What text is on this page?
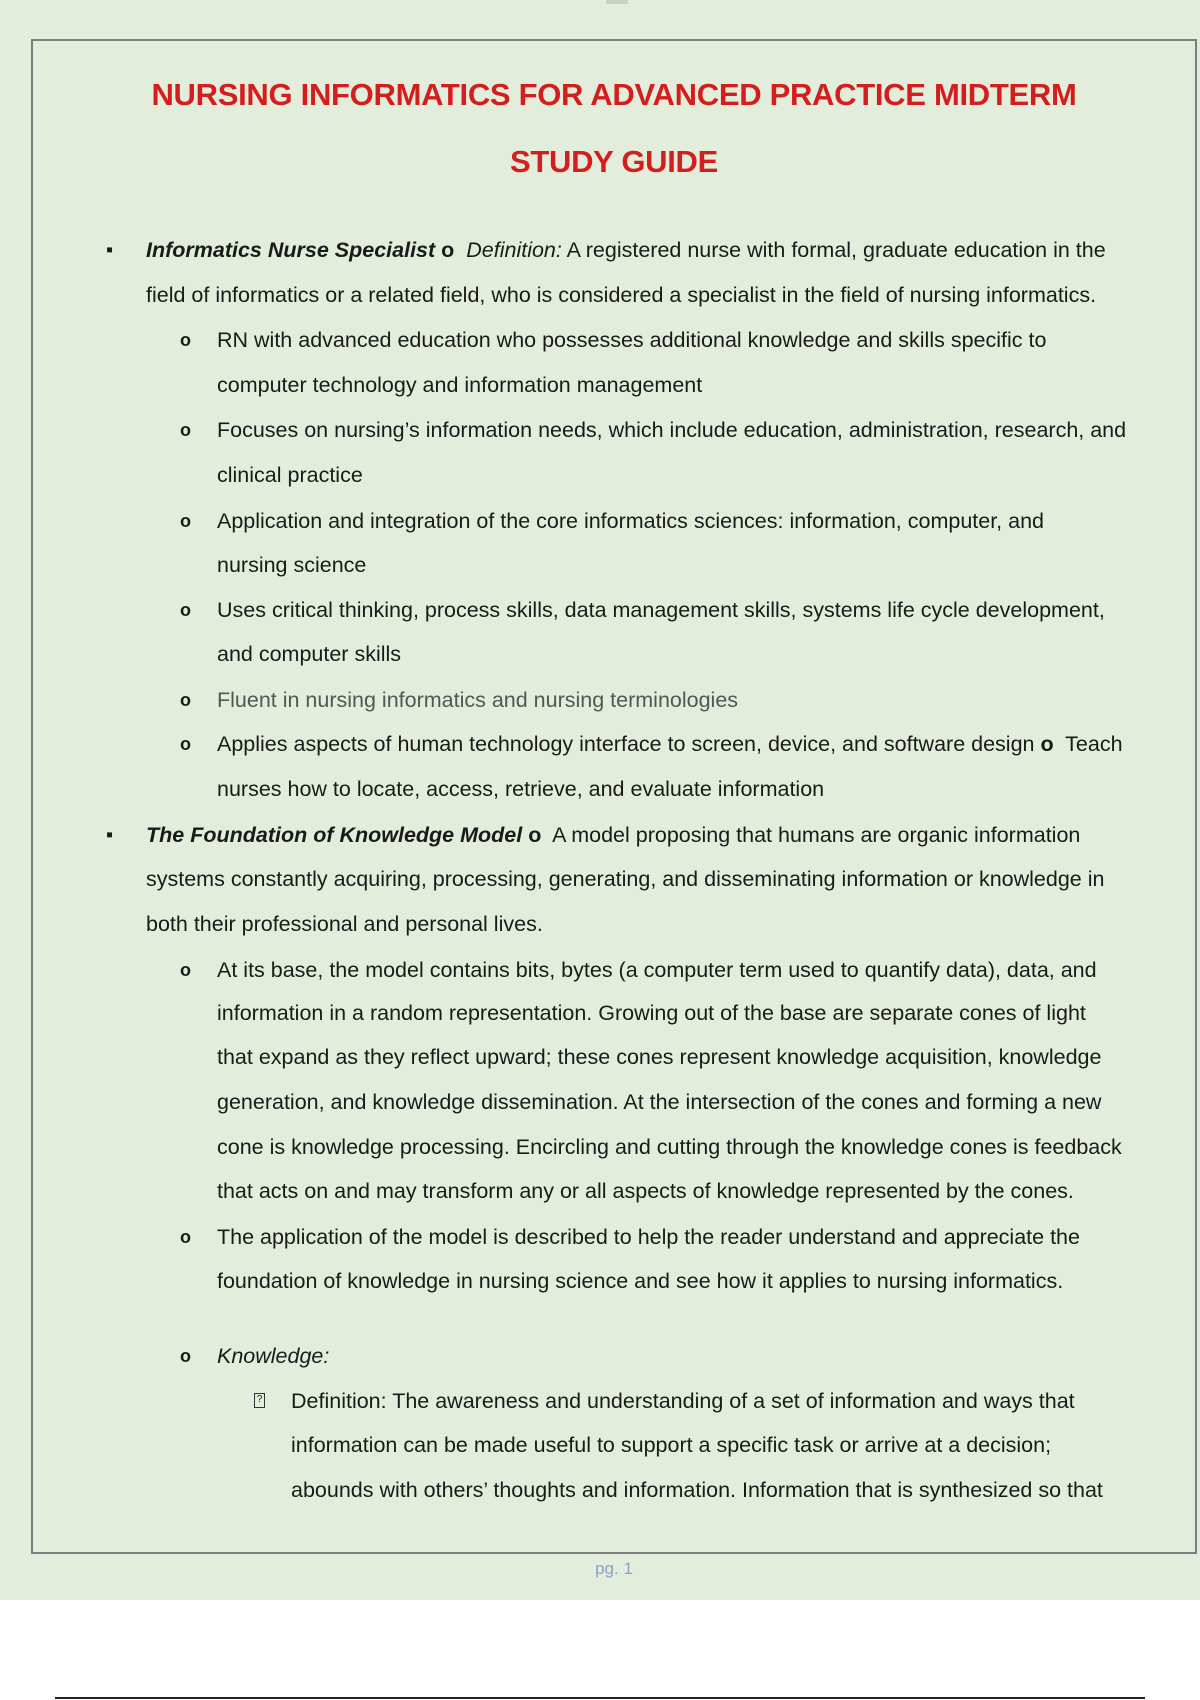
NURSING INFORMATICS FOR ADVANCED PRACTICE MIDTERM
STUDY GUIDE
▪ Informatics Nurse Specialist o Definition: A registered nurse with formal, graduate education in the
field of informatics or a related field, who is considered a specialist in the field of nursing informatics.
o RN with advanced education who possesses additional knowledge and skills specific to
computer technology and information management
o Focuses on nursing’s information needs, which include education, administration, research, and
clinical practice
o Application and integration of the core informatics sciences: information, computer, and
nursing science
o Uses critical thinking, process skills, data management skills, systems life cycle development,
and computer skills
o Fluent in nursing informatics and nursing terminologies
o Applies aspects of human technology interface to screen, device, and software design o Teach
nurses how to locate, access, retrieve, and evaluate information
▪ The Foundation of Knowledge Model o A model proposing that humans are organic information
systems constantly acquiring, processing, generating, and disseminating information or knowledge in
both their professional and personal lives.
o At its base, the model contains bits, bytes (a computer term used to quantify data), data, and
information in a random representation. Growing out of the base are separate cones of light
that expand as they reflect upward; these cones represent knowledge acquisition, knowledge
generation, and knowledge dissemination. At the intersection of the cones and forming a new
cone is knowledge processing. Encircling and cutting through the knowledge cones is feedback
that acts on and may transform any or all aspects of knowledge represented by the cones.
o The application of the model is described to help the reader understand and appreciate the
foundation of knowledge in nursing science and see how it applies to nursing informatics.
o Knowledge:
? Definition: The awareness and understanding of a set of information and ways that
information can be made useful to support a specific task or arrive at a decision;
abounds with others’ thoughts and information. Information that is synthesized so that
pg. 1
